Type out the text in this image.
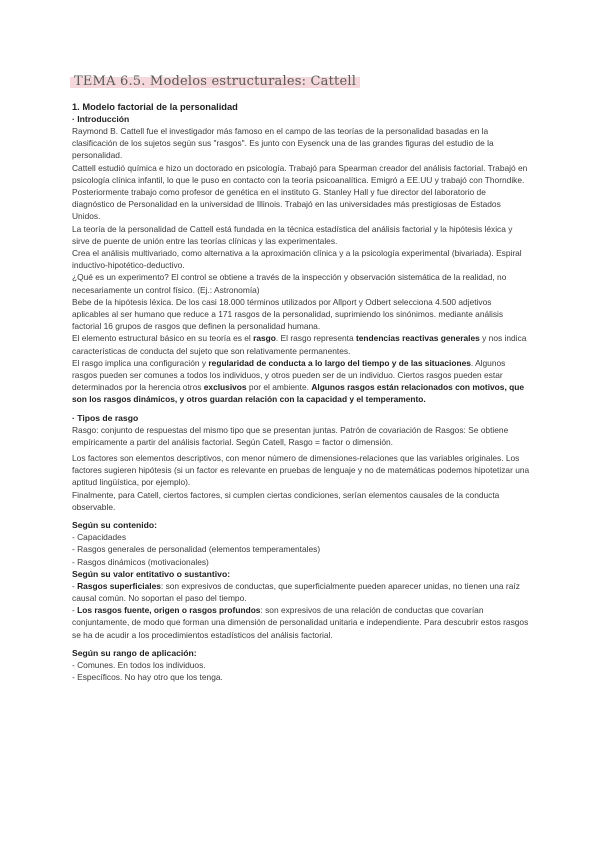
TEMA 6.5. Modelos estructurales: Cattell
1. Modelo factorial de la personalidad
· Introducción

Raymond B. Cattell fue el investigador más famoso en el campo de las teorías de la personalidad basadas en la clasificación de los sujetos según sus "rasgos". Es junto con Eysenck una de las grandes figuras del estudio de la personalidad.

Cattell estudió química e hizo un doctorado en psicología. Trabajó para Spearman creador del análisis factorial. Trabajó en psicología clínica infantil, lo que le puso en contacto con la teoría psicoanalítica. Emigró a EE.UU y trabajó con Thorndike. Posteriormente trabajo como profesor de genética en el instituto G. Stanley Hall y fue director del laboratorio de diagnóstico de Personalidad en la universidad de Illinois. Trabajó en las universidades más prestigiosas de Estados Unidos.

La teoría de la personalidad de Cattell está fundada en la técnica estadística del análisis factorial y la hipótesis léxica y sirve de puente de unión entre las teorías clínicas y las experimentales.

Crea el análisis multivariado, como alternativa a la aproximación clínica y a la psicología experimental (bivariada). Espiral inductivo-hipotético-deductivo.

¿Qué es un experimento? El control se obtiene a través de la inspección y observación sistemática de la realidad, no necesariamente un control físico. (Ej.: Astronomía)

Bebe de la hipótesis léxica. De los casi 18.000 términos utilizados por Allport y Odbert selecciona 4.500 adjetivos aplicables al ser humano que reduce a 171 rasgos de la personalidad, suprimiendo los sinónimos. mediante análisis factorial 16 grupos de rasgos que definen la personalidad humana.

El elemento estructural básico en su teoría es el rasgo. El rasgo representa tendencias reactivas generales y nos indica características de conducta del sujeto que son relativamente permanentes.

El rasgo implica una configuración y regularidad de conducta a lo largo del tiempo y de las situaciones. Algunos rasgos pueden ser comunes a todos los individuos, y otros pueden ser de un individuo. Ciertos rasgos pueden estar determinados por la herencia otros exclusivos por el ambiente. Algunos rasgos están relacionados con motivos, que son los rasgos dinámicos, y otros guardan relación con la capacidad y el temperamento.

· Tipos de rasgo

Rasgo: conjunto de respuestas del mismo tipo que se presentan juntas. Patrón de covariación de Rasgos: Se obtiene empíricamente a partir del análisis factorial. Según Catell, Rasgo = factor o dimensión.

Los factores son elementos descriptivos, con menor número de dimensiones-relaciones que las variables originales. Los factores sugieren hipótesis (si un factor es relevante en pruebas de lenguaje y no de matemáticas podemos hipotetizar una aptitud lingüística, por ejemplo).

Finalmente, para Catell, ciertos factores, si cumplen ciertas condiciones, serían elementos causales de la conducta observable.

Según su contenido:

- Capacidades

- Rasgos generales de personalidad (elementos temperamentales)

- Rasgos dinámicos (motivacionales)

Según su valor entitativo o sustantivo:

- Rasgos superficiales: son expresivos de conductas, que superficialmente pueden aparecer unidas, no tienen una raíz causal común. No soportan el paso del tiempo.

- Los rasgos fuente, origen o rasgos profundos: son expresivos de una relación de conductas que covarían conjuntamente, de modo que forman una dimensión de personalidad unitaria e independiente. Para descubrir estos rasgos se ha de acudir a los procedimientos estadísticos del análisis factorial.

Según su rango de aplicación:

- Comunes. En todos los individuos.

- Específicos. No hay otro que los tenga.
